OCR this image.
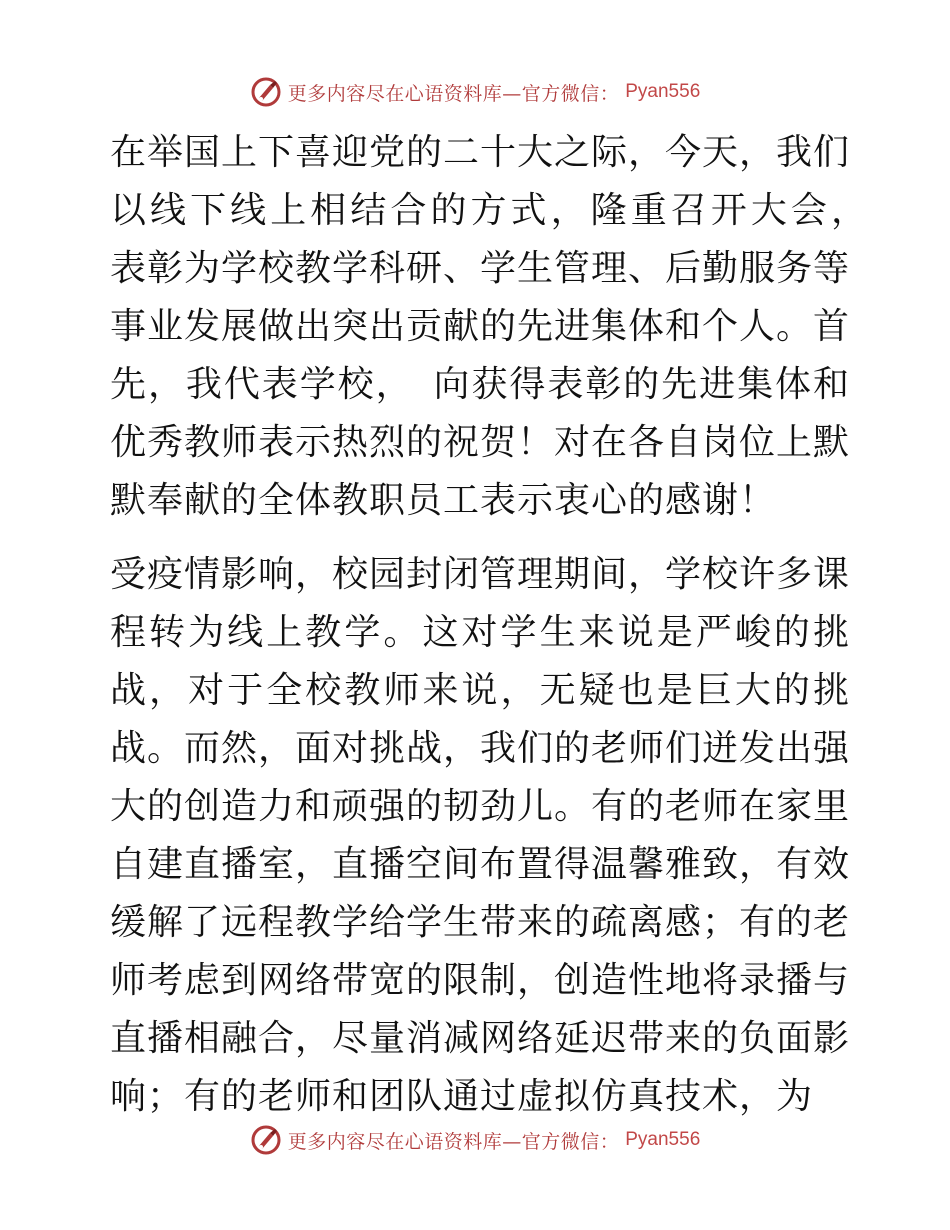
更多内容尽在心语资料库—官方微信： Pyan556

在举国上下喜迎党的二十大之际，今天，我们以线下线上相结合的方式，隆重召开大会，　表彰为学校教学科研、学生管理、后勤服务等事业发展做出突出贡献的先进集体和个人。首先，我代表学校，　向获得表彰的先进集体和优秀教师表示热烈的祝贺！对在各自岗位上默默奉献的全体教职员工表示衷心的感谢！

受疫情影响，校园封闭管理期间，学校许多课程转为线上教学。这对学生来说是严峻的挑战，对于全校教师来说，无疑也是巨大的挑战。而然，面对挑战，我们的老师们迸发出强大的创造力和顽强的韧劲儿。有的老师在家里自建直播室，直播空间布置得温馨雅致，有效缓解了远程教学给学生带来的疏离感；有的老师考虑到网络带宽的限制，创造性地将录播与直播相融合，尽量消减网络延迟带来的负面影响；有的老师和团队通过虚拟仿真技术，为

更多内容尽在心语资料库—官方微信： Pyan556
